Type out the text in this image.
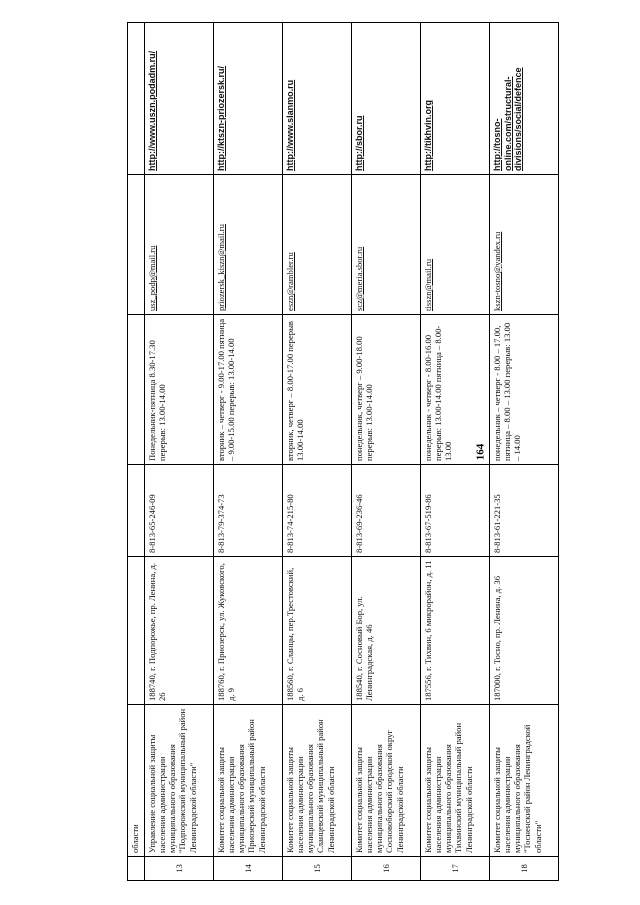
	области					
13	Управление социальной защиты населения администрации муниципального образования "Подпорожский муниципальный район Ленинградской области"	188740, г. Подпорожье, пр. Ленина, д. 26	8-813-65-246-09	Понедельник-пятница 8.30-17.30 перерыв: 13.00-14.00	usz_podp@mail.ru	http://www.uszn.podadm.ru/
14	Комитет социальной защиты населения администрации муниципального образования Приозерский муниципальный район Ленинградской области	188760, г. Приозерск, ул. Жуковского, д. 9	8-813-79-374-73	вторник – четверг - 9.00-17.00 пятница – 9.00-15.00 перерыв: 13.00-14.00	priozersk_kiszn@mail.ru	http://ktszn-priozersk.ru/
15	Комитет социальной защиты населения администрации муниципального образования Сланцевский муниципальный район Ленинградской области	188560, г. Сланцы, пер.Трестовский, д. 6	8-813-74-215-80	вторник, четверг – 8.00-17.00 перерыв 13.00-14.00	eszn@rambler.ru	http://www.slanmo.ru
16	Комитет социальной защиты населения администрации муниципального образования Сосновоборский городской округ Ленинградской области	188540, г. Сосновый Бор, ул. Ленинградская, д. 46	8-813-69-236-46	понедельник, четверг – 9.00-18.00 перерыв: 13.00-14.00	sсz@meria.sbor.ru	http://sbor.ru
17	Комитет социальной защиты населения администрации муниципального образования Тихвинский муниципальный район Ленинградской области	187556, г. Тихвин, 6 микрорайон, д. 11	8-813-67-519-86	понедельник - четверг - 8.00-16.00 перерыв: 13.00-14.00 пятница – 8.00-13.00	tisszn@mail.ru	http://tikhvin.org
18	Комитет социальной защиты населения администрации муниципального образования "Тосненский район Ленинградской области"	187000, г. Тосно, пр. Ленина, д. 36	8-813-61-221-35	понедельник – четверг - 8.00 – 17.00, пятница – 8.00 – 13.00 перерыв: 13.00 – 14.00	kszn-tosno@yandex.ru	http://tosno-online.com/structural-divisions/social/defence
164
